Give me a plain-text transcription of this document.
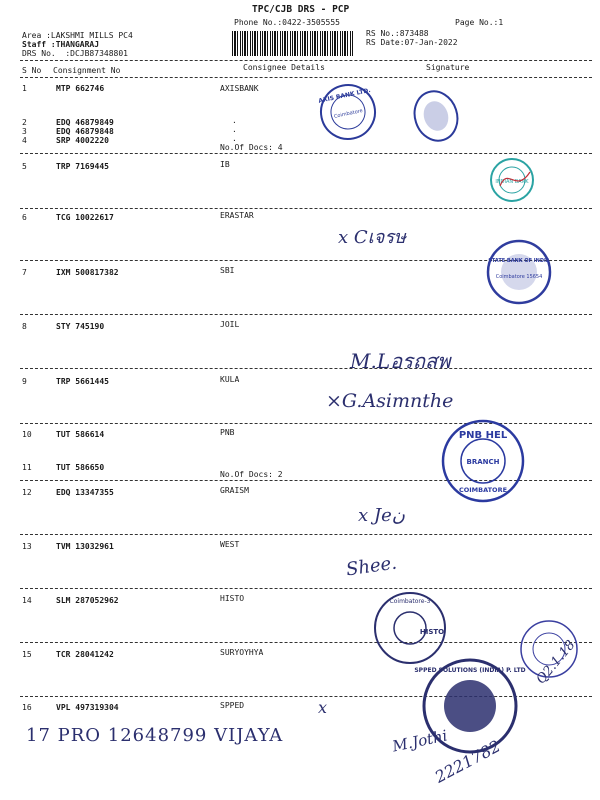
TPC/CJB DRS - PCP
Phone No.:0422-3505555	Page No.:1
Area :LAKSHMI MILLS PC4
Staff :THANGARAJ
DRS No.  :DCJB87348801
RS No.:873488
RS Date:07-Jan-2022
S No Consignment No	Consignee Details	Signature
1	MTP 662746	AXISBANK
2	EDQ 46879849	.
3	EDQ 46879848	.
4	SRP 4002220	.
No.Of Docs: 4
5	TRP 7169445	IB
6	TCG 10022617	ERASTAR
7	IXM 500817382	SBI
8	STY 745190	JOIL
9	TRP 5661445	KULA
10	TUT 586614	PNB
11	TUT 586650
No.Of Docs: 2
12	EDQ 13347355	GRAISM
13	TVM 13032961	WEST
14	SLM 287052962	HISTO
15	TCR 28041242	SURYOYHYA
16	VPL 497319304	SPPED
AXIS BANK LTD.
Coimbatore
INDIAN BANK
STATE BANK OF INDIA
Coimbatore 15654
PNB HEL
BRANCH
COIMBATORE
Coimbatore-3
HISTO
SPPED SOLUTIONS (INDIA) P. LTD
x Cเจรษ
M.Lอรถสพ
×G.Asimnthe
x Jeن
Shee.
x
Q2.1.18
17 PRO 12648799 VIJAYA	M.Jothi
2221782
